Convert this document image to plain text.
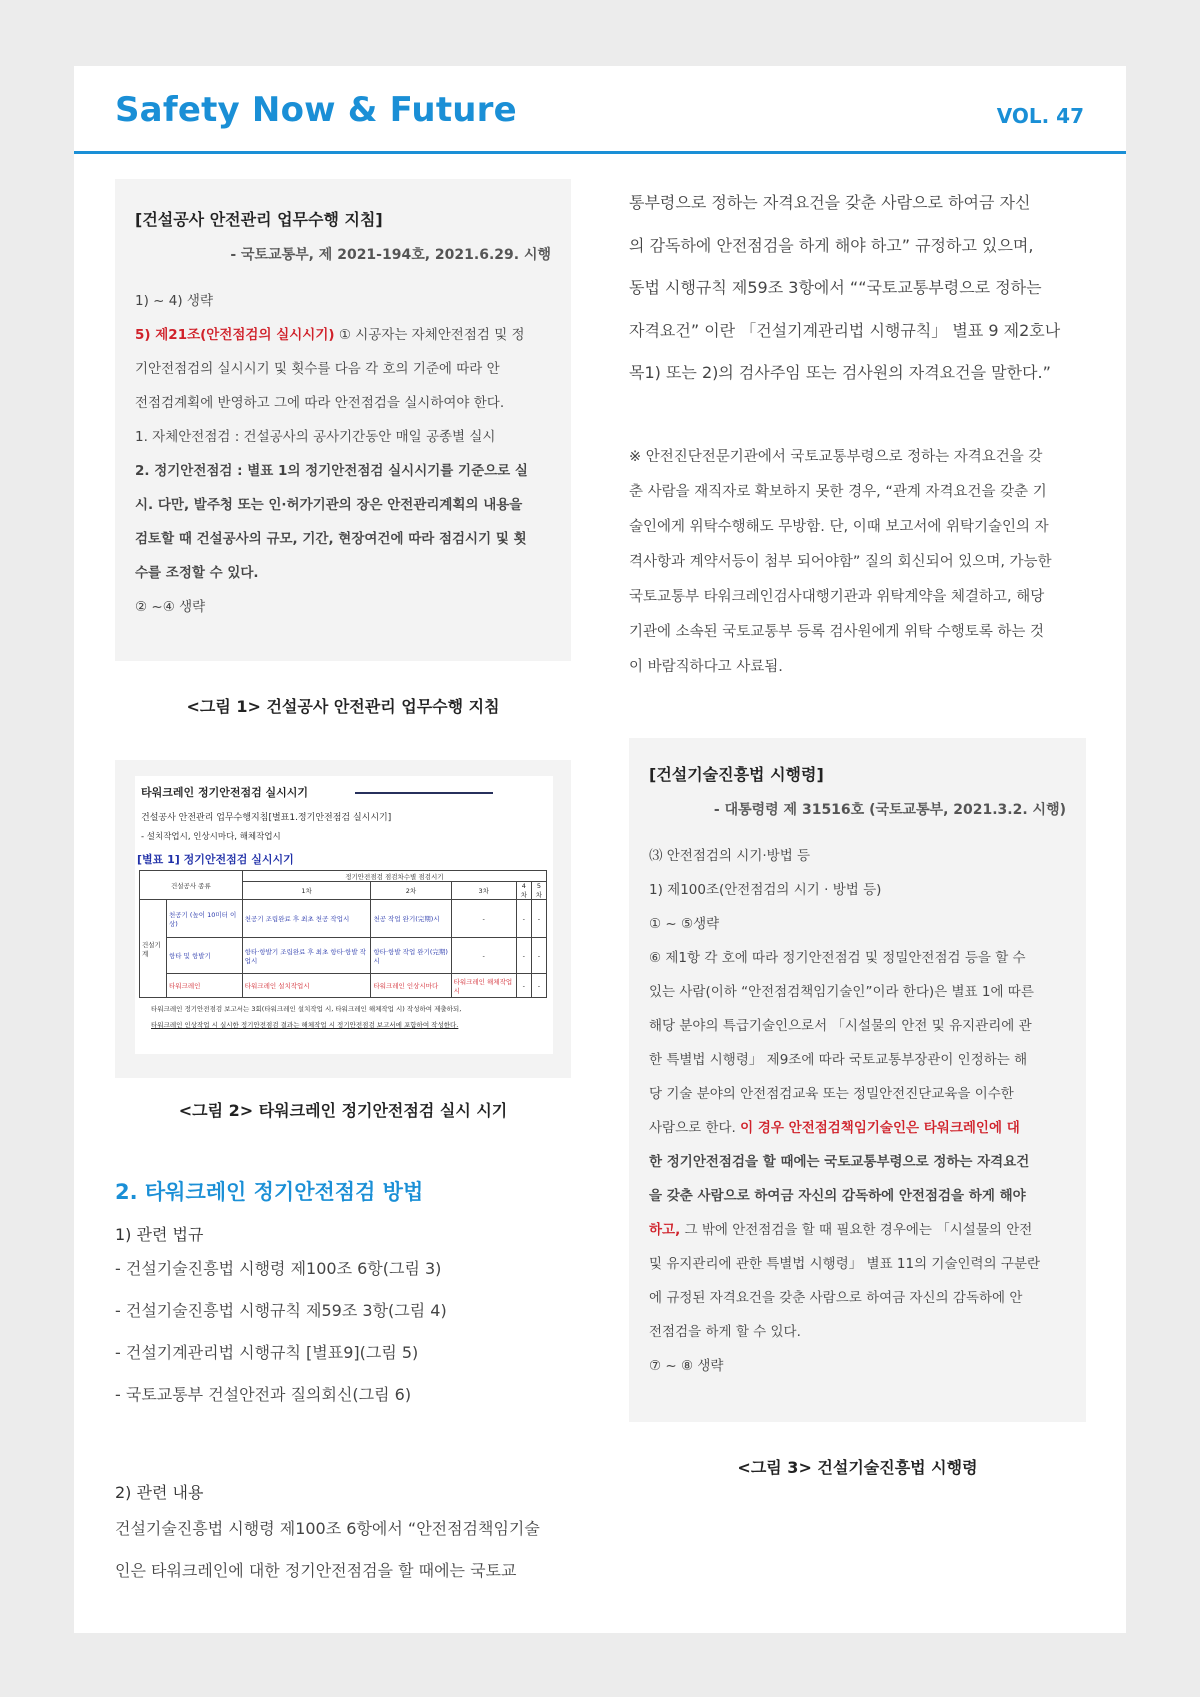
Safety Now & Future	VOL. 47
[건설공사 안전관리 업무수행 지침]
- 국토교통부, 제 2021-194호, 2021.6.29. 시행

1) ~ 4) 생략

5) 제21조(안전점검의 실시시기) ① 시공자는 자체안전점검 및 정

기안전점검의 실시시기 및 횟수를 다음 각 호의 기준에 따라 안

전점검계획에 반영하고 그에 따라 안전점검을 실시하여야 한다.

1. 자체안전점검 : 건설공사의 공사기간동안 매일 공종별 실시

2. 정기안전점검 : 별표 1의 정기안전점검 실시시기를 기준으로 실

시. 다만, 발주청 또는 인·허가기관의 장은 안전관리계획의 내용을

검토할 때 건설공사의 규모, 기간, 현장여건에 따라 점검시기 및 횟

수를 조정할 수 있다.

② ~④ 생략

<그림 1> 건설공사 안전관리 업무수행 지침
타워크레인 정기안전점검 실시시기
건설공사 안전관리 업무수행지침[별표1.정기안전점검 실시시기]
- 설치작업시, 인상시마다, 해체작업시
[별표 1] 정기안전점검 실시시기
건설공사 종류		정기안전점검 점검차수별 점검시기				
		1차	2차	3차	4차	5차
건설기계	천공기 (높이 10미터 이상)	천공기 조립완료 후 최초 천공 작업시	천공 작업 완기(完期)시	-	-	-
	항타 및 항발기	항타·항발기 조립완료 후 최초 항타·항발 작업시	항타·항발 작업 완기(完期)시	-	-	-
	타워크레인	타워크레인 설치작업시	타워크레인 인상시마다	타워크레인 해체작업시	-	-
타워크레인 정기안전점검 보고서는 3회(타워크레인 설치작업 시, 타워크레인 해체작업 시) 작성하여 제출하되,
타워크레인 인상작업 시 실시한 정기안전점검 결과는 해체작업 시 정기안전점검 보고서에 포함하여 작성한다.
<그림 2> 타워크레인 정기안전점검 실시 시기
2. 타워크레인 정기안전점검 방법
1) 관련 법규
- 건설기술진흥법 시행령 제100조 6항(그림 3)
- 건설기술진흥법 시행규칙 제59조 3항(그림 4)
- 건설기계관리법 시행규칙 [별표9](그림 5)
- 국토교통부 건설안전과 질의회신(그림 6)
2) 관련 내용
건설기술진흥법 시행령 제100조 6항에서 “안전점검책임기술
인은 타워크레인에 대한 정기안전점검을 할 때에는 국토교
통부령으로 정하는 자격요건을 갖춘 사람으로 하여금 자신
의 감독하에 안전점검을 하게 해야 하고” 규정하고 있으며,
동법 시행규칙 제59조 3항에서 ““국토교통부령으로 정하는
자격요건” 이란 「건설기계관리법 시행규칙」 별표 9 제2호나
목1) 또는 2)의 검사주임 또는 검사원의 자격요건을 말한다.”
※ 안전진단전문기관에서 국토교통부령으로 정하는 자격요건을 갖
춘 사람을 재직자로 확보하지 못한 경우, “관계 자격요건을 갖춘 기
술인에게 위탁수행해도 무방함. 단, 이때 보고서에 위탁기술인의 자
격사항과 계약서등이 첨부 되어야함” 질의 회신되어 있으며, 가능한
국토교통부 타워크레인검사대행기관과 위탁계약을 체결하고, 해당
기관에 소속된 국토교통부 등록 검사원에게 위탁 수행토록 하는 것
이 바람직하다고 사료됨.
[건설기술진흥법 시행령]
- 대통령령 제 31516호 (국토교통부, 2021.3.2. 시행)

⑶ 안전점검의 시기·방법 등

1) 제100조(안전점검의 시기 · 방법 등)

① ~ ⑤생략

⑥ 제1항 각 호에 따라 정기안전점검 및 정밀안전점검 등을 할 수

있는 사람(이하 “안전점검책임기술인”이라 한다)은 별표 1에 따른

해당 분야의 특급기술인으로서 「시설물의 안전 및 유지관리에 관

한 특별법 시행령」 제9조에 따라 국토교통부장관이 인정하는 해

당 기술 분야의 안전점검교육 또는 정밀안전진단교육을 이수한

사람으로 한다. 이 경우 안전점검책임기술인은 타워크레인에 대

한 정기안전점검을 할 때에는 국토교통부령으로 정하는 자격요건

을 갖춘 사람으로 하여금 자신의 감독하에 안전점검을 하게 해야

하고, 그 밖에 안전점검을 할 때 필요한 경우에는 「시설물의 안전

및 유지관리에 관한 특별법 시행령」 별표 11의 기술인력의 구분란

에 규정된 자격요건을 갖춘 사람으로 하여금 자신의 감독하에 안

전점검을 하게 할 수 있다.

⑦ ~ ⑧ 생략

<그림 3> 건설기술진흥법 시행령
